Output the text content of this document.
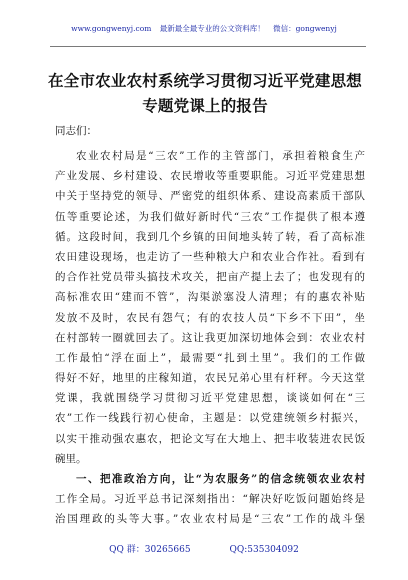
www.gongwenyj.com 最新最全最专业的公文资料库！ 微信：gongwenyj
在全市农业农村系统学习贯彻习近平党建思想
专题党课上的报告
同志们：
农业农村局是“三农”工作的主管部门，承担着粮食生产
产业发展、乡村建设、农民增收等重要职能。习近平党建思想
中关于坚持党的领导、严密党的组织体系、建设高素质干部队
伍等重要论述，为我们做好新时代“三农”工作提供了根本遵
循。这段时间，我到几个乡镇的田间地头转了转，看了高标准
农田建设现场，也走访了一些种粮大户和农业合作社。看到有
的合作社党员带头搞技术攻关，把亩产提上去了；也发现有的
高标准农田“建而不管”，沟渠淤塞没人清理；有的惠农补贴
发放不及时，农民有怨气；有的农技人员“下乡不下田”，坐
在村部转一圈就回去了。这让我更加深切地体会到：农业农村
工作最怕“浮在面上”，最需要“扎到土里”。我们的工作做
得好不好，地里的庄稼知道，农民兄弟心里有杆秤。今天这堂
党课，我就围绕学习贯彻习近平党建思想，谈谈如何在“三
农”工作一线践行初心使命，主题是：以党建统领乡村振兴，
以实干推动强农惠农，把论文写在大地上、把丰收装进农民饭
碗里。
一、把准政治方向，让“为农服务”的信念统领农业农村
工作全局。习近平总书记深刻指出：“解决好吃饭问题始终是
治国理政的头等大事。”农业农村局是“三农”工作的战斗堡
QQ 群：30265665	QQ:535304092
